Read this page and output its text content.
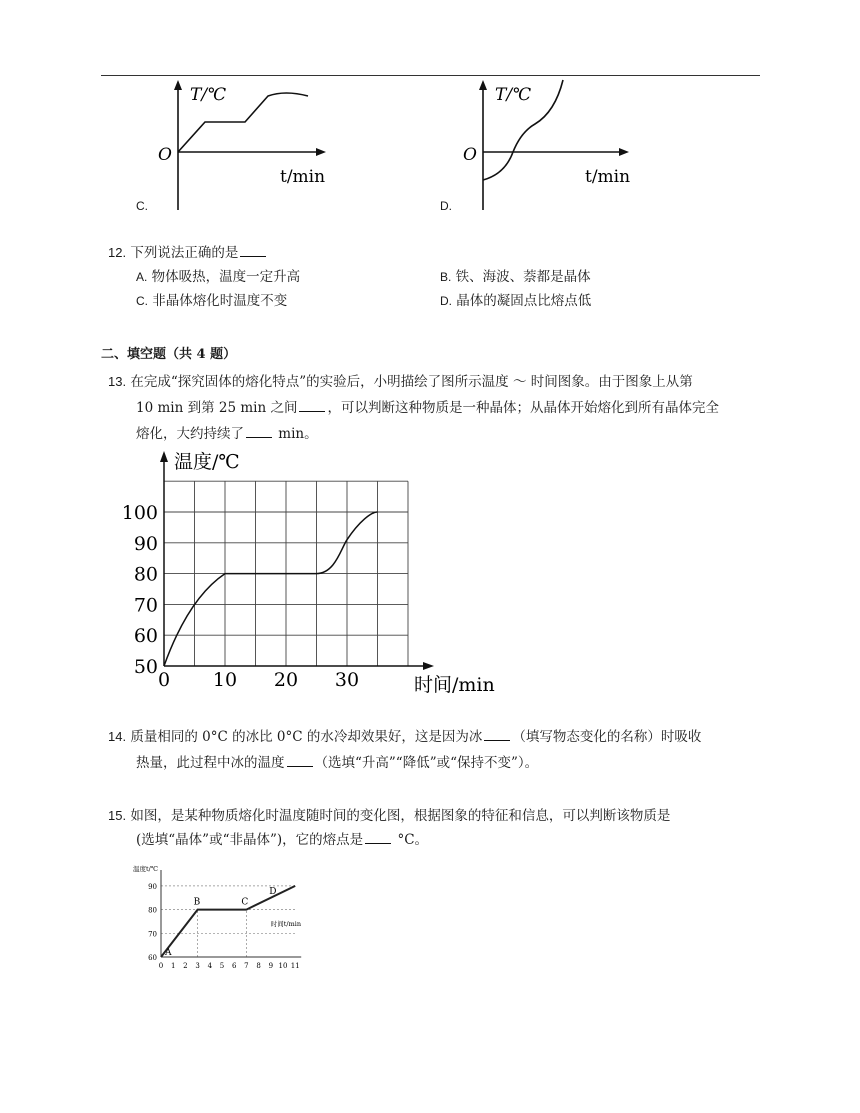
T/℃
O
t/min
C.
T/℃
O
t/min
D.
12. 下列说法正确的是
A. 物体吸热，温度一定升高	B. 铁、海波、萘都是晶体
C. 非晶体熔化时温度不变	D. 晶体的凝固点比熔点低
二、填空题（共 4 题）
13. 在完成“探究固体的熔化特点”的实验后，小明描绘了图所示温度 ～ 时间图象。由于图象上从第
10 min 到第 25 min 之间 ，可以判断这种物质是一种晶体；从晶体开始熔化到所有晶体完全
熔化，大约持续了 min。
50
60
70
80
90
100
0 10 20 30
温度/℃
时间/min
14. 质量相同的 0°C 的冰比 0°C 的水冷却效果好，这是因为冰 （填写物态变化的名称）时吸收
热量，此过程中冰的温度 （选填“升高”“降低”或“保持不变”）。
15. 如图，是某种物质熔化时温度随时间的变化图，根据图象的特征和信息，可以判断该物质是
(选填“晶体”或“非晶体”)，它的熔点是	°C。
A
B	C
D
60
70
80
90
0 1 2 3 4 5 6 7 8 9 10 11
温度t/℃
时间t/min
